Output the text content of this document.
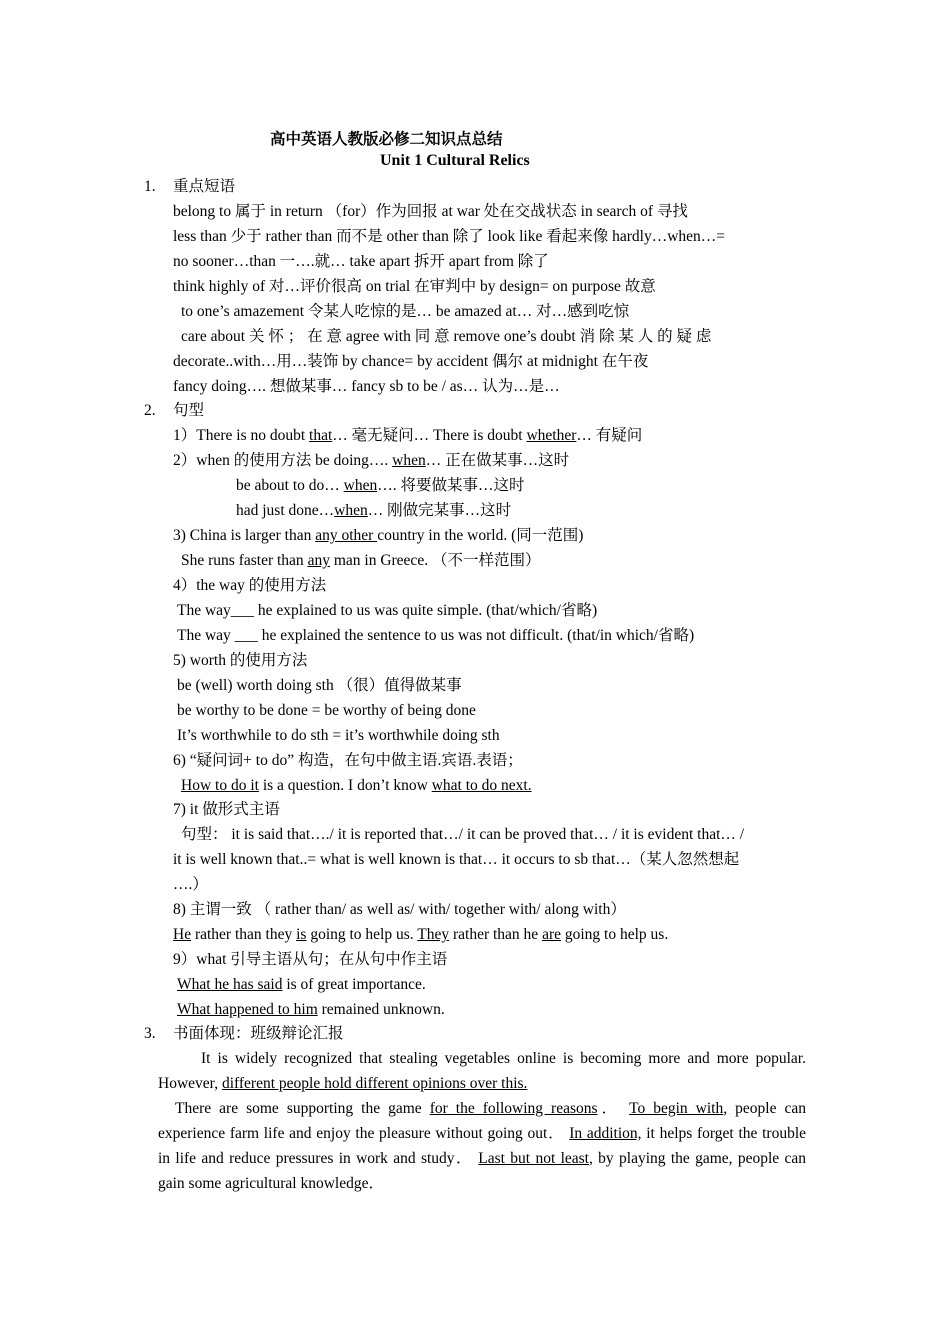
高中英语人教版必修二知识点总结
Unit 1 Cultural Relics
1. 重点短语
belong to 属于 in return （for）作为回报 at war 处在交战状态 in search of 寻找
less than 少于 rather than 而不是 other than 除了 look like 看起来像 hardly…when…=
no sooner…than 一….就… take apart 拆开 apart from 除了
think highly of 对…评价很高 on trial 在审判中 by design= on purpose 故意
to one’s amazement 令某人吃惊的是… be amazed at… 对…感到吃惊
care about 关 怀 ； 在 意 agree with 同 意 remove one’s doubt 消 除 某 人 的 疑 虑
decorate..with…用…装饰 by chance= by accident 偶尔 at midnight 在午夜
fancy doing…. 想做某事… fancy sb to be / as… 认为…是…
2. 句型
1）There is no doubt that… 毫无疑问… There is doubt whether… 有疑问
2）when 的使用方法 be doing…. when… 正在做某事…这时
be about to do… when…. 将要做某事…这时
had just done…when… 刚做完某事…这时
3) China is larger than any other country in the world. (同一范围)
She runs faster than any man in Greece. （不一样范围）
4）the way 的使用方法
The way___ he explained to us was quite simple. (that/which/省略)
The way ___ he explained the sentence to us was not difficult. (that/in which/省略)
5) worth 的使用方法
be (well) worth doing sth （很）值得做某事
be worthy to be done = be worthy of being done
It’s worthwhile to do sth = it’s worthwhile doing sth
6) “疑问词+ to do” 构造，在句中做主语.宾语.表语；
How to do it is a question. I don’t know what to do next.
7) it 做形式主语
句型： it is said that…./ it is reported that…/ it can be proved that… / it is evident that… /
it is well known that..= what is well known is that… it occurs to sb that…（某人忽然想起
….）
8) 主谓一致 （ rather than/ as well as/ with/ together with/ along with）
He rather than they is going to help us. They rather than he are going to help us.
9）what 引导主语从句；在从句中作主语
What he has said is of great importance.
What happened to him remained unknown.
3. 书面体现：班级辩论汇报
It is widely recognized that stealing vegetables online is becoming more and more popular. However, different people hold different opinions over this.
There are some supporting the game for the following reasons． To begin with, people can experience farm life and enjoy the pleasure without going out． In addition, it helps forget the trouble in life and reduce pressures in work and study． Last but not least, by playing the game, people can gain some agricultural knowledge．
